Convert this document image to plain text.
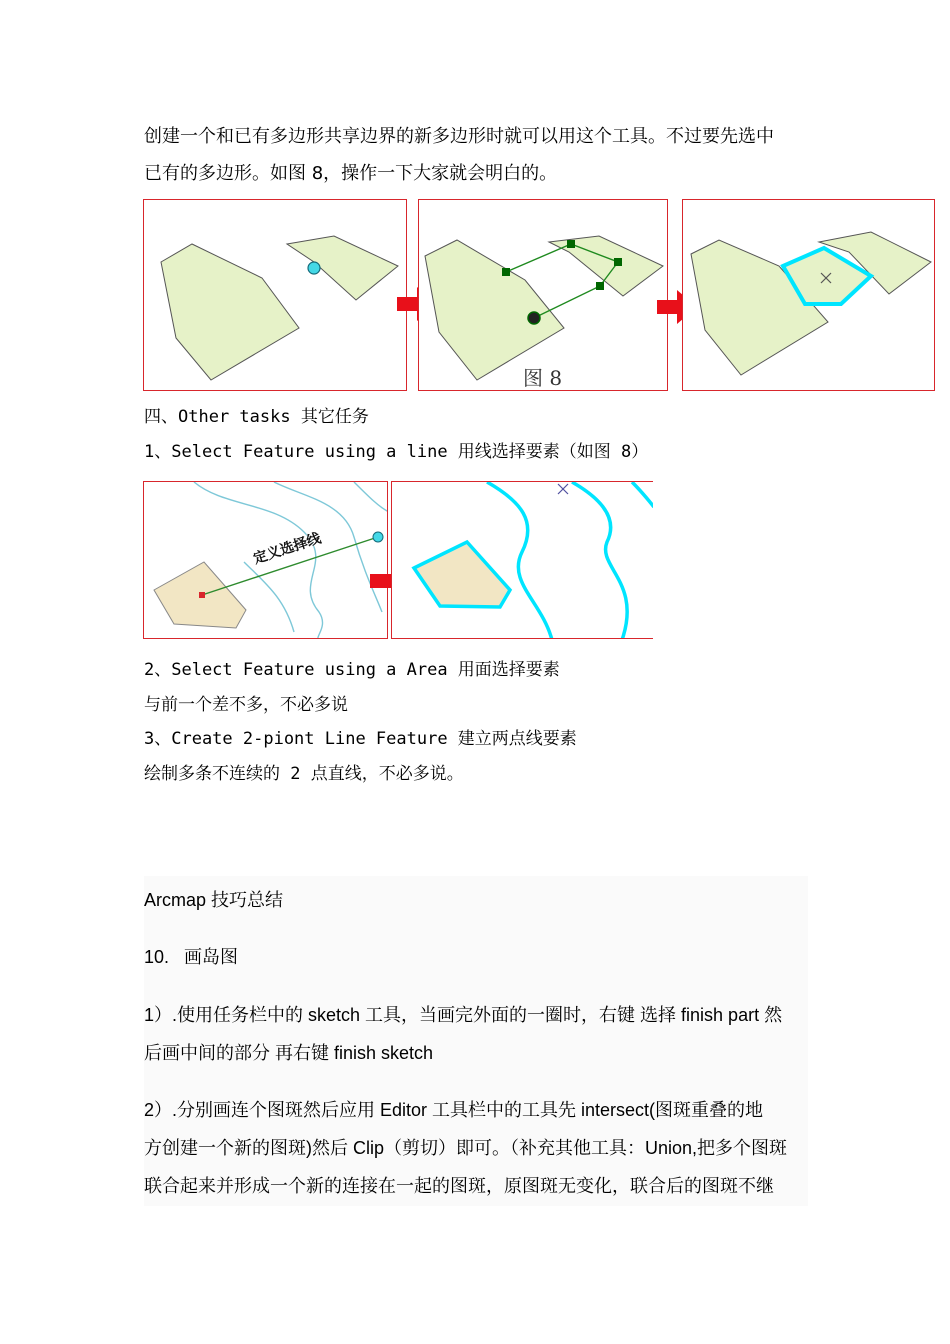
创建一个和已有多边形共享边界的新多边形时就可以用这个工具。不过要先选中
已有的多边形。如图 8，操作一下大家就会明白的。
图 8
四、Other tasks 其它任务
1、Select Feature using a line 用线选择要素（如图 8）
定义选择线
2、Select Feature using a Area 用面选择要素
与前一个差不多，不必多说
3、Create 2-piont Line Feature 建立两点线要素
绘制多条不连续的 2 点直线，不必多说。
Arcmap 技巧总结
10. 画岛图
1）.使用任务栏中的 sketch 工具，当画完外面的一圈时，右键 选择 finish part 然
后画中间的部分 再右键 finish sketch
2）.分别画连个图斑然后应用 Editor 工具栏中的工具先 intersect(图斑重叠的地
方创建一个新的图斑)然后 Clip（剪切）即可。（补充其他工具：Union,把多个图斑
联合起来并形成一个新的连接在一起的图斑，原图斑无变化，联合后的图斑不继
